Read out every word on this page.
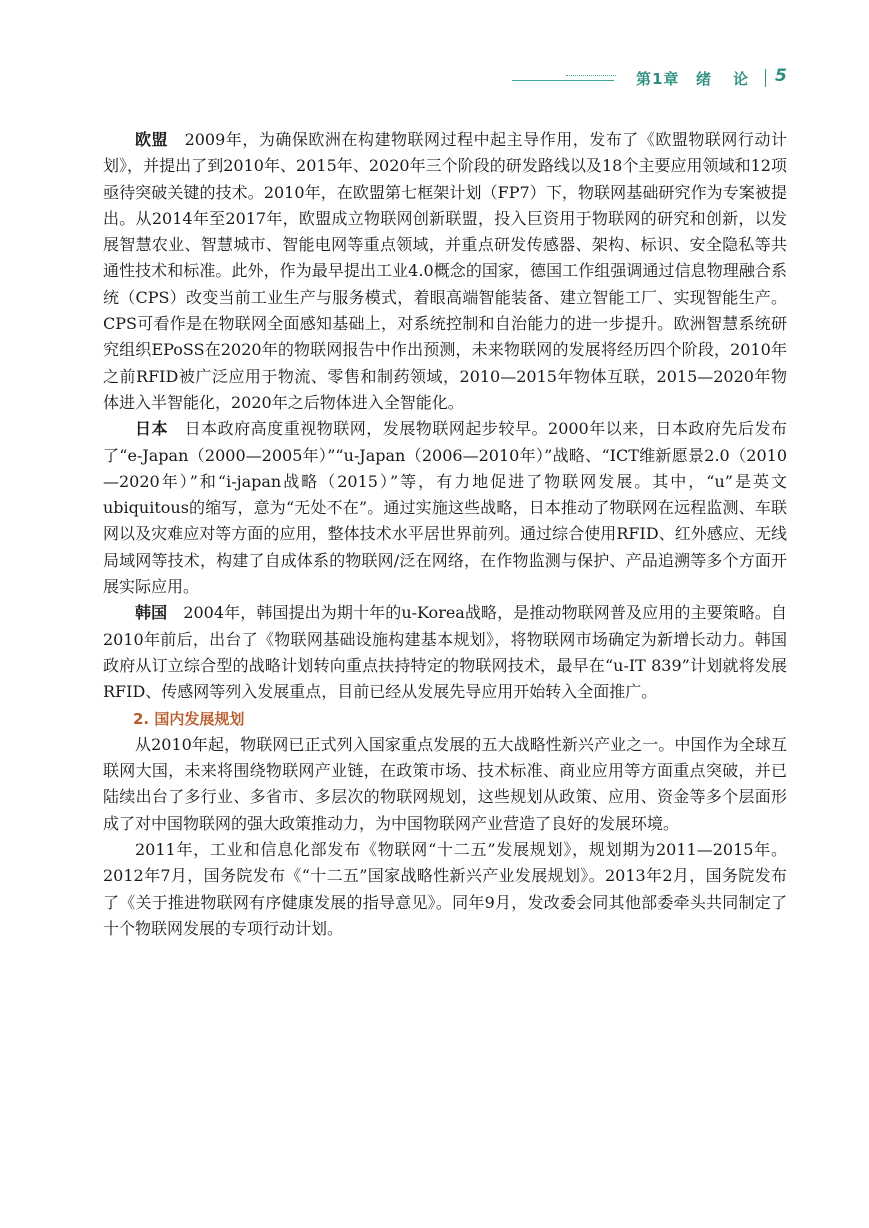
第1章 绪论 5

欧盟　2009年，为确保欧洲在构建物联网过程中起主导作用，发布了《欧盟物联网行动计划》，并提出了到2010年、2015年、2020年三个阶段的研发路线以及18个主要应用领域和12项亟待突破关键的技术。2010年，在欧盟第七框架计划（FP7）下，物联网基础研究作为专案被提出。从2014年至2017年，欧盟成立物联网创新联盟，投入巨资用于物联网的研究和创新，以发展智慧农业、智慧城市、智能电网等重点领域，并重点研发传感器、架构、标识、安全隐私等共通性技术和标准。此外，作为最早提出工业4.0概念的国家，德国工作组强调通过信息物理融合系统（CPS）改变当前工业生产与服务模式，着眼高端智能装备、建立智能工厂、实现智能生产。CPS可看作是在物联网全面感知基础上，对系统控制和自治能力的进一步提升。欧洲智慧系统研究组织EPoSS在2020年的物联网报告中作出预测，未来物联网的发展将经历四个阶段，2010年之前RFID被广泛应用于物流、零售和制药领域，2010—2015年物体互联，2015—2020年物体进入半智能化，2020年之后物体进入全智能化。

日本　日本政府高度重视物联网，发展物联网起步较早。2000年以来，日本政府先后发布了“e-Japan（2000—2005年）”“u-Japan（2006—2010年）”战略、“ICT维新愿景2.0（2010—2020年）”和“i-japan战略（2015）”等，有力地促进了物联网发展。其中，“u”是英文ubiquitous的缩写，意为“无处不在”。通过实施这些战略，日本推动了物联网在远程监测、车联网以及灾难应对等方面的应用，整体技术水平居世界前列。通过综合使用RFID、红外感应、无线局域网等技术，构建了自成体系的物联网/泛在网络，在作物监测与保护、产品追溯等多个方面开展实际应用。

韩国　2004年，韩国提出为期十年的u-Korea战略，是推动物联网普及应用的主要策略。自2010年前后，出台了《物联网基础设施构建基本规划》，将物联网市场确定为新增长动力。韩国政府从订立综合型的战略计划转向重点扶持特定的物联网技术，最早在“u-IT 839”计划就将发展RFID、传感网等列入发展重点，目前已经从发展先导应用开始转入全面推广。

2. 国内发展规划

从2010年起，物联网已正式列入国家重点发展的五大战略性新兴产业之一。中国作为全球互联网大国，未来将围绕物联网产业链，在政策市场、技术标准、商业应用等方面重点突破，并已陆续出台了多行业、多省市、多层次的物联网规划，这些规划从政策、应用、资金等多个层面形成了对中国物联网的强大政策推动力，为中国物联网产业营造了良好的发展环境。

2011年，工业和信息化部发布《物联网“十二五”发展规划》，规划期为2011—2015年。2012年7月，国务院发布《“十二五”国家战略性新兴产业发展规划》。2013年2月，国务院发布了《关于推进物联网有序健康发展的指导意见》。同年9月，发改委会同其他部委牵头共同制定了十个物联网发展的专项行动计划。
